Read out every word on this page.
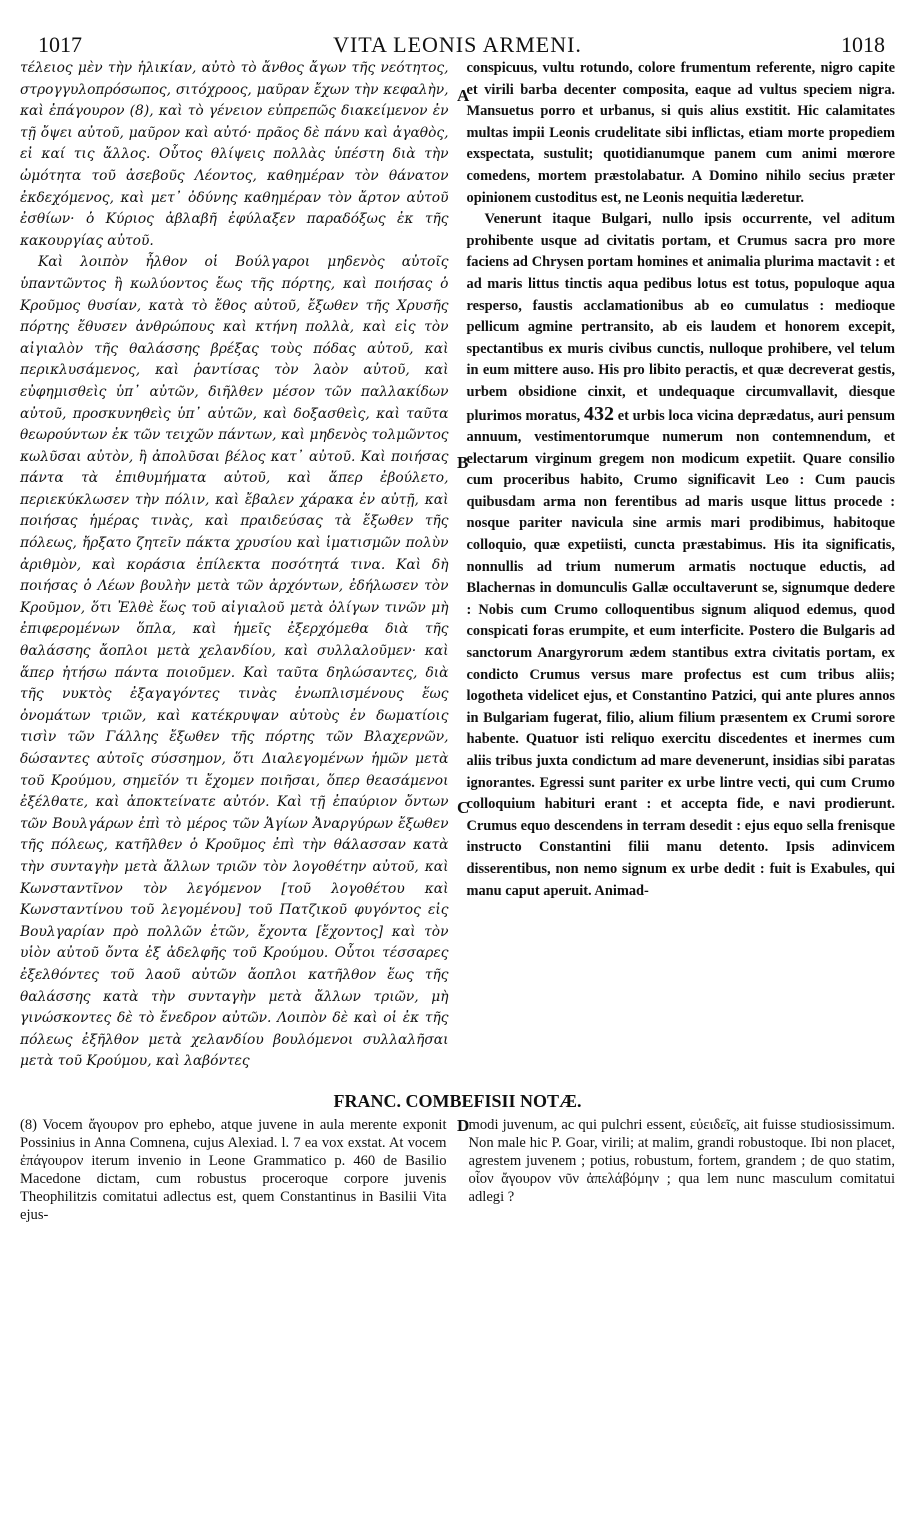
1017	VITA LEONIS ARMENI.	1018

τέλειος μὲν τὴν ἡλικίαν, αὐτὸ τὸ ἄνθος ἄγων τῆς νεότητος, στρογγυλοπρόσωπος, σιτόχροος, μαῦραν ἔχων τὴν κεφαλὴν, καὶ ἐπάγουρον (8), καὶ τὸ γένειον εὐπρεπῶς διακείμενον ἐν τῇ ὄψει αὐτοῦ, μαῦρον καὶ αὐτό· πρᾶος δὲ πάνυ καὶ ἀγαθὸς, εἰ καί τις ἄλλος. Οὗτος θλίψεις πολλὰς ὑπέστη διὰ τὴν ὠμότητα τοῦ ἀσεβοῦς Λέοντος, καθημέραν τὸν θάνατον ἐκδεχόμενος, καὶ μετ᾿ ὀδύνης καθημέραν τὸν ἄρτον αὐτοῦ ἐσθίων· ὁ Κύριος ἀβλαβῆ ἐφύλαξεν παραδόξως ἐκ τῆς κακουργίας αὐτοῦ.

Καὶ λοιπὸν ἦλθον οἱ Βούλγαροι μηδενὸς αὐτοῖς ὑπαντῶντος ἢ κωλύοντος ἕως τῆς πόρτης, καὶ ποιήσας ὁ Κροῦμος θυσίαν, κατὰ τὸ ἔθος αὐτοῦ, ἔξωθεν τῆς Χρυσῆς πόρτης ἔθυσεν ἀνθρώπους καὶ κτήνη πολλὰ, καὶ εἰς τὸν αἰγιαλὸν τῆς θαλάσσης βρέξας τοὺς πόδας αὐτοῦ, καὶ περικλυσάμενος, καὶ ῥαντίσας τὸν λαὸν αὐτοῦ, καὶ εὐφημισθεὶς ὑπ᾿ αὐτῶν, διῆλθεν μέσον τῶν παλλακίδων αὐτοῦ, προσκυνηθεὶς ὑπ᾿ αὐτῶν, καὶ δοξασθεὶς, καὶ ταῦτα θεωρούντων ἐκ τῶν τειχῶν πάντων, καὶ μηδενὸς τολμῶντος κωλῦσαι αὐτὸν, ἢ ἀπολῦσαι βέλος κατ᾿ αὐτοῦ. Καὶ ποιήσας πάντα τὰ ἐπιθυμήματα αὐτοῦ, καὶ ἅπερ ἐβούλετο, περιεκύκλωσεν τὴν πόλιν, καὶ ἔβαλεν χάρακα ἐν αὐτῇ, καὶ ποιήσας ἡμέρας τινὰς, καὶ πραιδεύσας τὰ ἔξωθεν τῆς πόλεως, ἤρξατο ζητεῖν πάκτα χρυσίου καὶ ἱματισμῶν πολὺν ἀριθμὸν, καὶ κοράσια ἐπίλεκτα ποσότητά τινα. Καὶ δὴ ποιήσας ὁ Λέων βουλὴν μετὰ τῶν ἀρχόντων, ἐδήλωσεν τὸν Κροῦμον, ὅτι Ἐλθὲ ἕως τοῦ αἰγιαλοῦ μετὰ ὀλίγων τινῶν μὴ ἐπιφερομένων ὅπλα, καὶ ἡμεῖς ἐξερχόμεθα διὰ τῆς θαλάσσης ἄοπλοι μετὰ χελανδίου, καὶ συλλαλοῦμεν· καὶ ἅπερ ἠτήσω πάντα ποιοῦμεν. Καὶ ταῦτα δηλώσαντες, διὰ τῆς νυκτὸς ἐξαγαγόντες τινὰς ἐνωπλισμένους ἕως ὀνομάτων τριῶν, καὶ κατέκρυψαν αὐτοὺς ἐν δωματίοις τισὶν τῶν Γάλλης ἔξωθεν τῆς πόρτης τῶν Βλαχερνῶν, δώσαντες αὐτοῖς σύσσημον, ὅτι Διαλεγομένων ἡμῶν μετὰ τοῦ Κρούμου, σημεῖόν τι ἔχομεν ποιῆσαι, ὅπερ θεασάμενοι ἐξέλθατε, καὶ ἀποκτείνατε αὐτόν. Καὶ τῇ ἐπαύριον ὄντων τῶν Βουλγάρων ἐπὶ τὸ μέρος τῶν Ἁγίων Ἀναργύρων ἔξωθεν τῆς πόλεως, κατῆλθεν ὁ Κροῦμος ἐπὶ τὴν θάλασσαν κατὰ τὴν συνταγὴν μετὰ ἄλλων τριῶν τὸν λογοθέτην αὐτοῦ, καὶ Κωνσταντῖνον τὸν λεγόμενον [τοῦ λογοθέτου καὶ Κωνσταντίνου τοῦ λεγομένου] τοῦ Πατζικοῦ φυγόντος εἰς Βουλγαρίαν πρὸ πολλῶν ἐτῶν, ἔχοντα [ἔχοντος] καὶ τὸν υἱὸν αὐτοῦ ὄντα ἐξ ἀδελφῆς τοῦ Κρούμου. Οὗτοι τέσσαρες ἐξελθόντες τοῦ λαοῦ αὐτῶν ἄοπλοι κατῆλθον ἕως τῆς θαλάσσης κατὰ τὴν συνταγὴν μετὰ ἄλλων τριῶν, μὴ γινώσκοντες δὲ τὸ ἔνεδρον αὐτῶν. Λοιπὸν δὲ καὶ οἱ ἐκ τῆς πόλεως ἐξῆλθον μετὰ χελανδίου βουλόμενοι συλλαλῆσαι μετὰ τοῦ Κρούμου, καὶ λαβόντες

A
B
C
D

conspicuus, vultu rotundo, colore frumentum referente, nigro capite et virili barba decenter composita, eaque ad vultus speciem nigra. Mansuetus porro et urbanus, si quis alius exstitit. Hic calamitates multas impii Leonis crudelitate sibi inflictas, etiam morte propediem exspectata, sustulit; quotidianumque panem cum animi mœrore comedens, mortem præstolabatur. A Domino nihilo secius præter opinionem custoditus est, ne Leonis nequitia læderetur.

Venerunt itaque Bulgari, nullo ipsis occurrente, vel aditum prohibente usque ad civitatis portam, et Crumus sacra pro more faciens ad Chrysen portam homines et animalia plurima mactavit : et ad maris littus tinctis aqua pedibus lotus est totus, populoque aqua resperso, faustis acclamationibus ab eo cumulatus : medioque pellicum agmine pertransito, ab eis laudem et honorem excepit, spectantibus ex muris civibus cunctis, nulloque prohibere, vel telum in eum mittere auso. His pro libito peractis, et quæ decreverat gestis, urbem obsidione cinxit, et undequaque circumvallavit, diesque plurimos moratus, 432 et urbis loca vicina deprædatus, auri pensum annuum, vestimentorumque numerum non contemnendum, et electarum virginum gregem non modicum expetiit. Quare consilio cum proceribus habito, Crumo significavit Leo : Cum paucis quibusdam arma non ferentibus ad maris usque littus procede : nosque pariter navicula sine armis mari prodibimus, habitoque colloquio, quæ expetiisti, cuncta præstabimus. His ita significatis, nonnullis ad trium numerum armatis noctuque eductis, ad Blachernas in domunculis Gallæ occultaverunt se, signumque dedere : Nobis cum Crumo colloquentibus signum aliquod edemus, quod conspicati foras erumpite, et eum interficite. Postero die Bulgaris ad sanctorum Anargyrorum ædem stantibus extra civitatis portam, ex condicto Crumus versus mare profectus est cum tribus aliis; logotheta videlicet ejus, et Constantino Patzici, qui ante plures annos in Bulgariam fugerat, filio, alium filium præsentem ex Crumi sorore habente. Quatuor isti reliquo exercitu discedentes et inermes cum aliis tribus juxta condictum ad mare devenerunt, insidias sibi paratas ignorantes. Egressi sunt pariter ex urbe lintre vecti, qui cum Crumo colloquium habituri erant : et accepta fide, e navi prodierunt. Crumus equo descendens in terram desedit : ejus equo sella frenisque instructo Constantini filii manu detento. Ipsis adinvicem disserentibus, non nemo signum ex urbe dedit : fuit is Exabules, qui manu caput aperuit. Animad-

FRANC. COMBEFISII NOTÆ.

(8) Vocem ἄγουρον pro ephebo, atque juvene in aula merente exponit Possinius in Anna Comnena, cujus Alexiad. l. 7 ea vox exstat. At vocem ἐπάγουρον iterum invenio in Leone Grammatico p. 460 de Basilio Macedone dictam, cum robustus proceroque corpore juvenis Theophilitzis comitatui adlectus est, quem Constantinus in Basilii Vita ejus-

modi juvenum, ac qui pulchri essent, εὐειδεῖς, ait fuisse studiosissimum. Non male hic P. Goar, virili; at malim, grandi robustoque. Ibi non placet, agrestem juvenem ; potius, robustum, fortem, grandem ; de quo statim, οἷον ἄγουρον νῦν ἀπελάβόμην ; qua lem nunc masculum comitatui adlegi ?
